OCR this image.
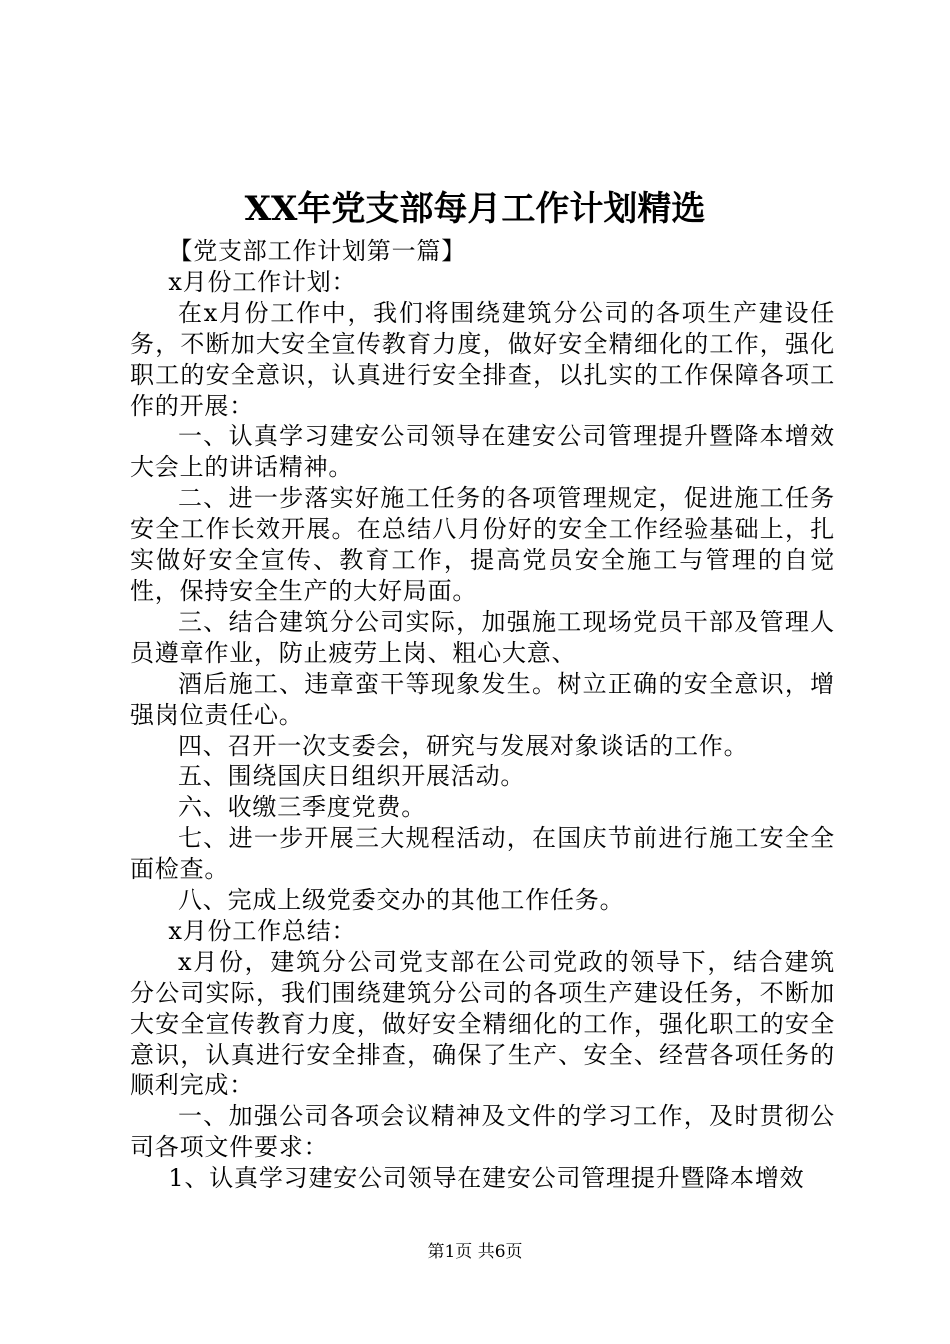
XX年党支部每月工作计划精选

【党支部工作计划第一篇】

x月份工作计划：

在x月份工作中，我们将围绕建筑分公司的各项生产建设任务，不断加大安全宣传教育力度，做好安全精细化的工作，强化职工的安全意识，认真进行安全排查，以扎实的工作保障各项工作的开展：

一、认真学习建安公司领导在建安公司管理提升暨降本增效大会上的讲话精神。

二、进一步落实好施工任务的各项管理规定，促进施工任务安全工作长效开展。在总结八月份好的安全工作经验基础上，扎实做好安全宣传、教育工作，提高党员安全施工与管理的自觉性，保持安全生产的大好局面。

三、结合建筑分公司实际，加强施工现场党员干部及管理人员遵章作业，防止疲劳上岗、粗心大意、

酒后施工、违章蛮干等现象发生。树立正确的安全意识，增强岗位责任心。

四、召开一次支委会，研究与发展对象谈话的工作。

五、围绕国庆日组织开展活动。

六、收缴三季度党费。

七、进一步开展三大规程活动，在国庆节前进行施工安全全面检查。

八、完成上级党委交办的其他工作任务。

x月份工作总结：

x月份，建筑分公司党支部在公司党政的领导下，结合建筑分公司实际，我们围绕建筑分公司的各项生产建设任务，不断加大安全宣传教育力度，做好安全精细化的工作，强化职工的安全意识，认真进行安全排查，确保了生产、安全、经营各项任务的顺利完成：

一、加强公司各项会议精神及文件的学习工作，及时贯彻公司各项文件要求：

1、认真学习建安公司领导在建安公司管理提升暨降本增效

第1页 共6页
